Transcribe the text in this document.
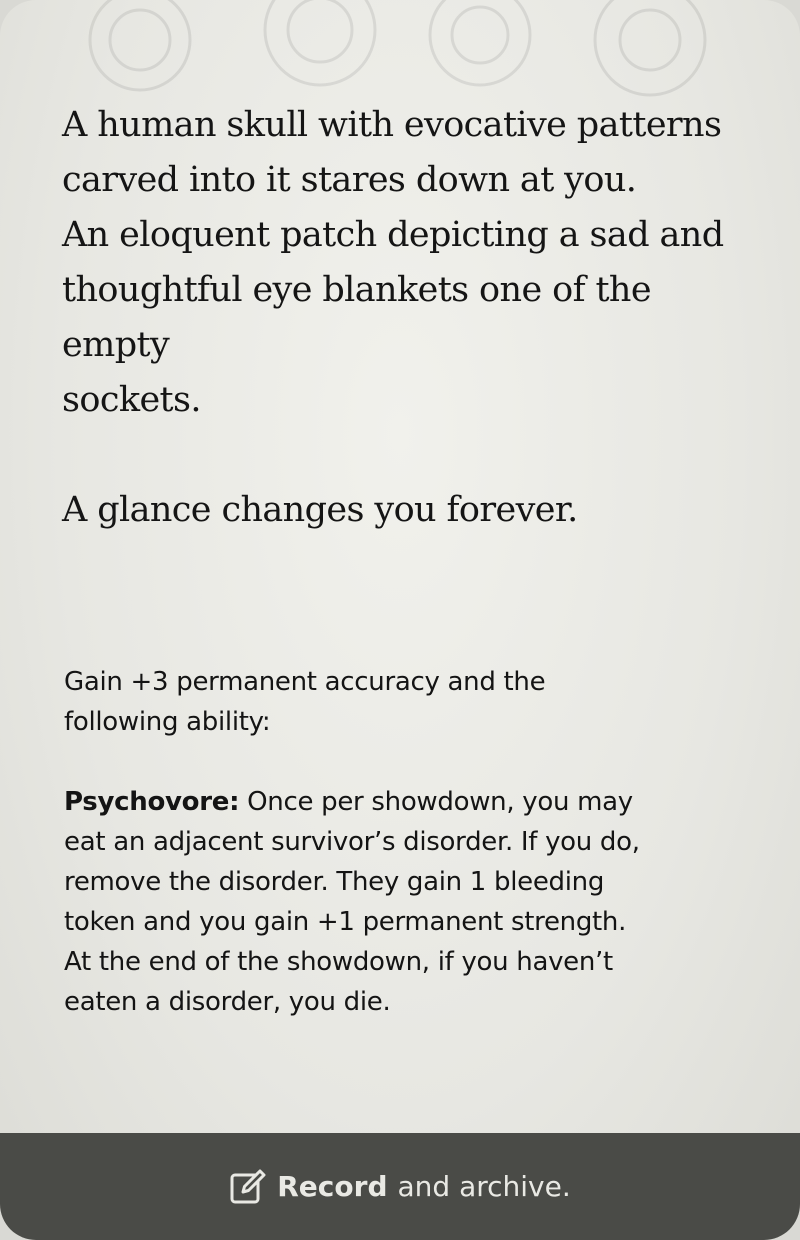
A human skull with evocative patterns

carved into it stares down at you.

An eloquent patch depicting a sad and

thoughtful eye blankets one of the empty

sockets.

A glance changes you forever.

Gain +3 permanent accuracy and the

following ability:

Psychovore: Once per showdown, you may

eat an adjacent survivor’s disorder. If you do,

remove the disorder. They gain 1 bleeding

token and you gain +1 permanent strength.

At the end of the showdown, if you haven’t

eaten a disorder, you die.

Record and archive.
